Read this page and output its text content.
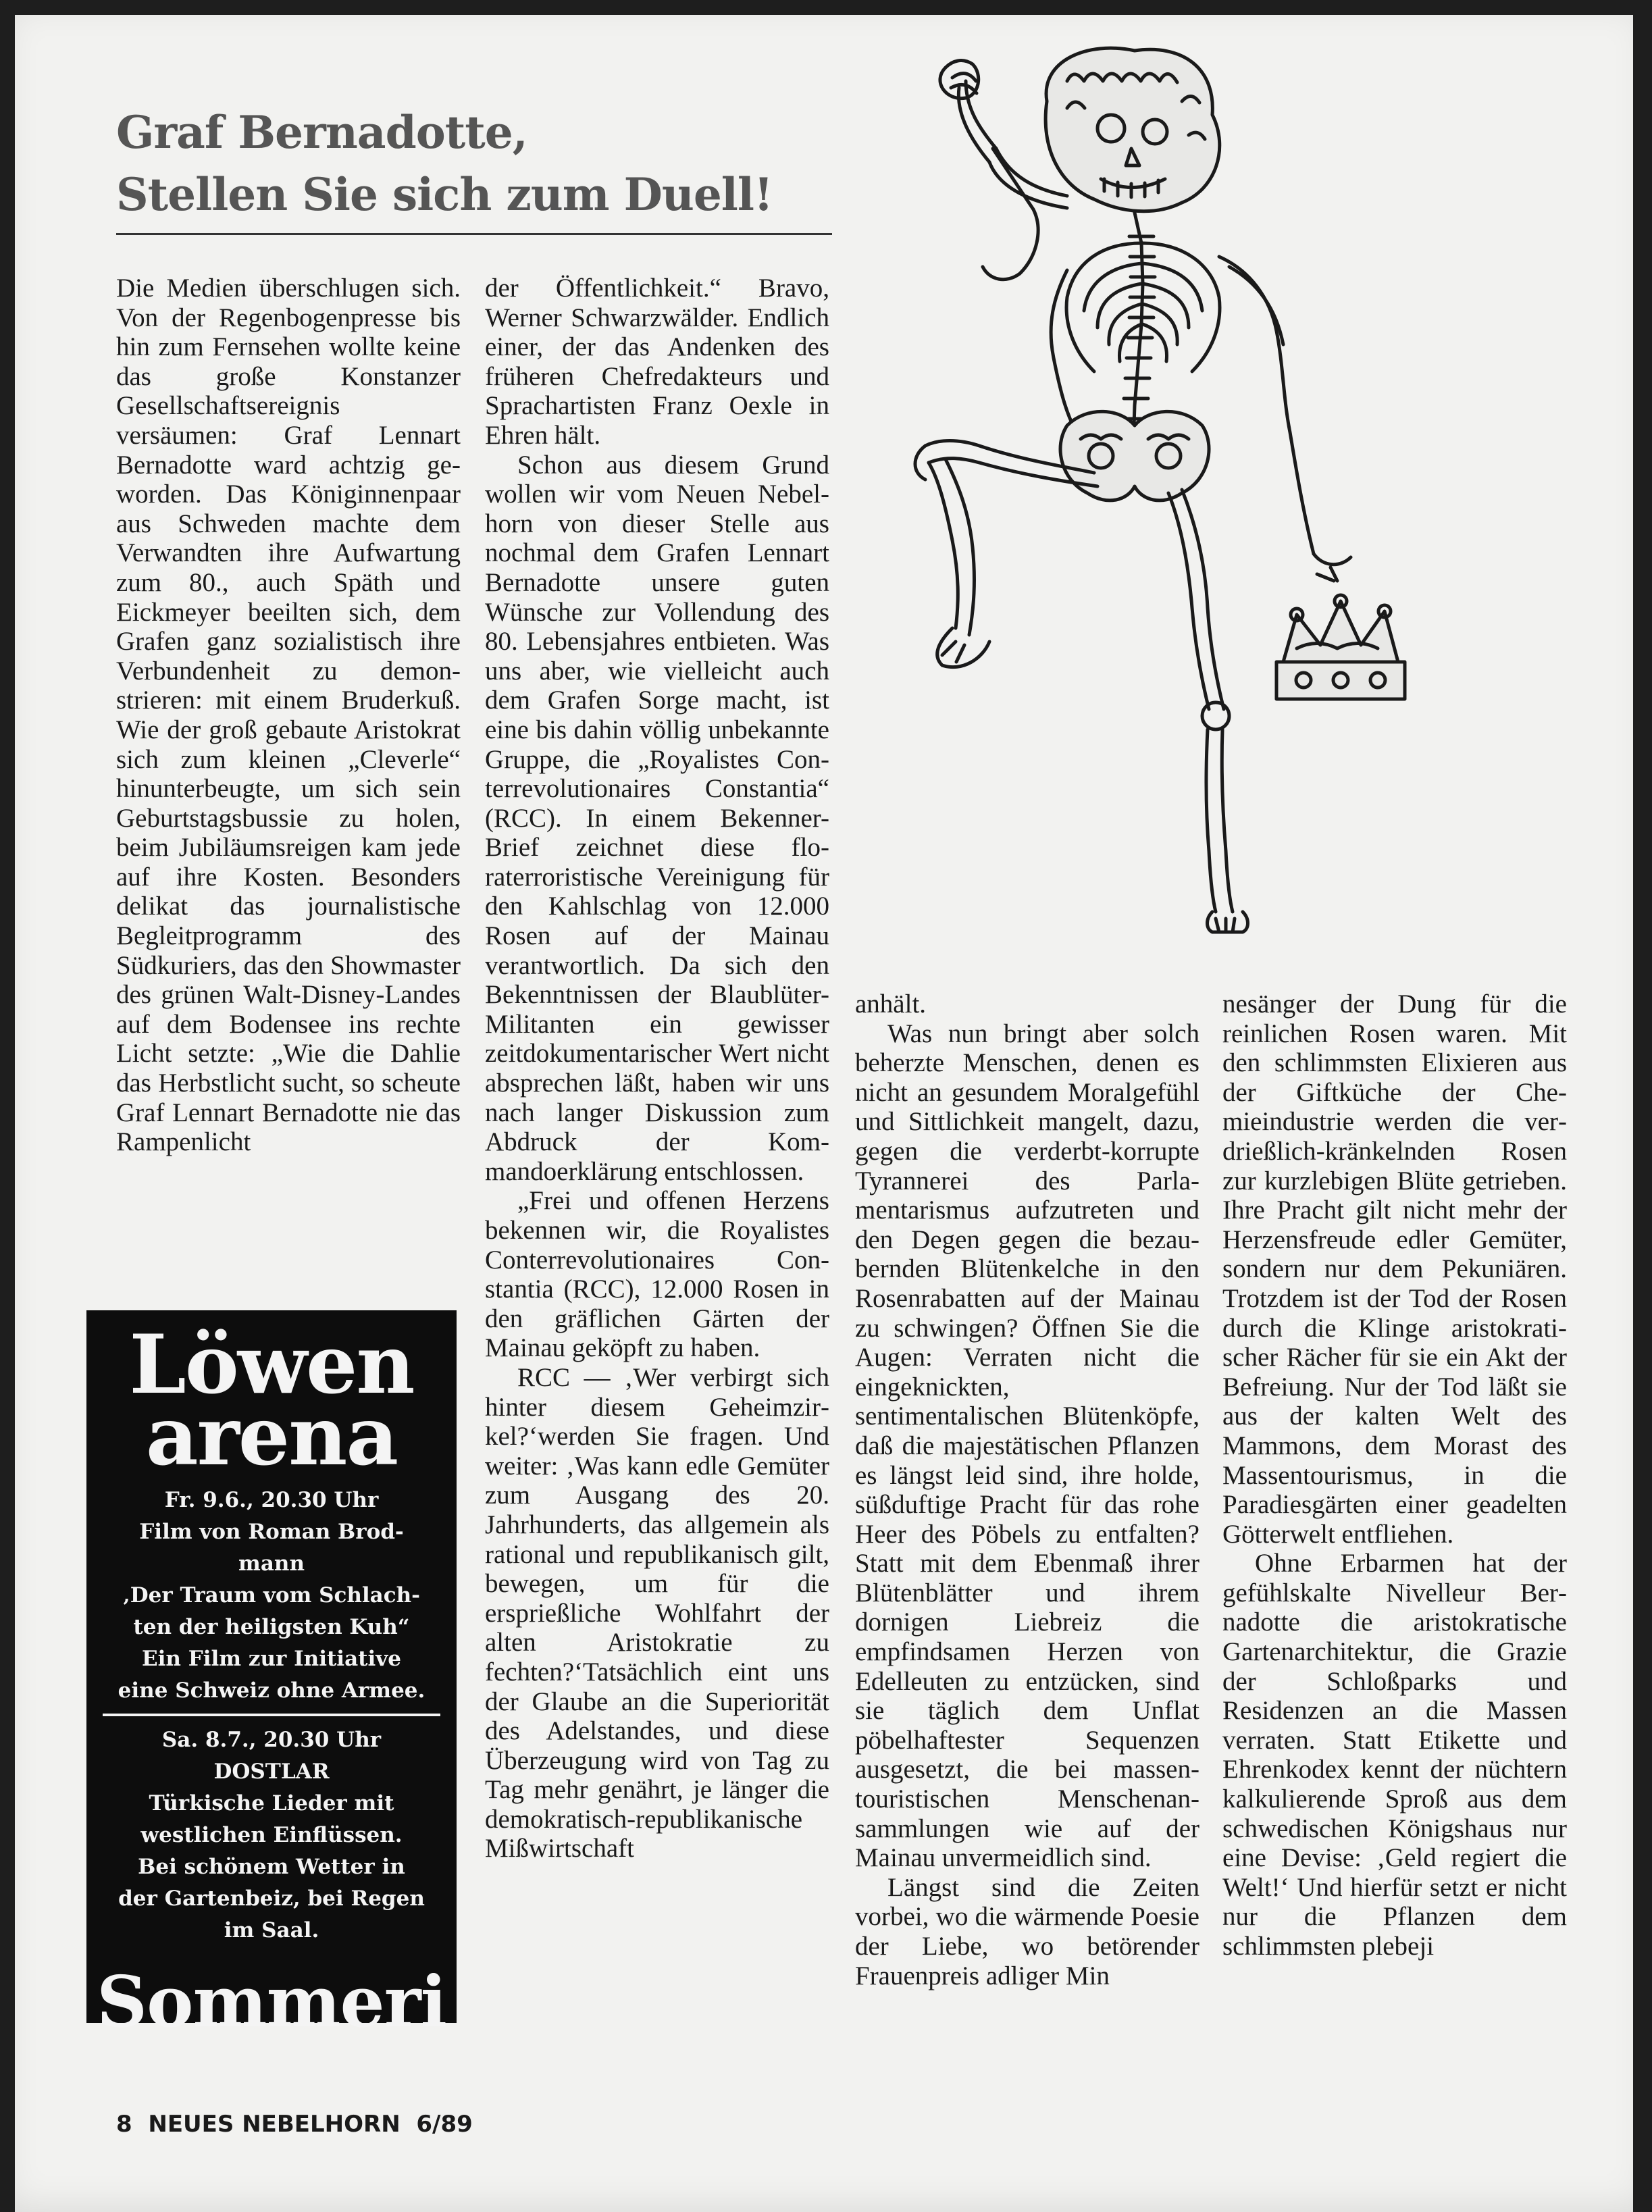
Graf Bernadotte,
Stellen Sie sich zum Duell!

Die Medien überschlugen sich. Von der Regenbogenpresse bis hin zum Fernsehen wollte keine das große Konstanzer Gesellschaftsereignis versäumen: Graf Lennart Bernadotte ward achtzig geworden. Das Königinnenpaar aus Schweden machte dem Verwandten ihre Aufwartung zum 80., auch Späth und Eickmeyer beeilten sich, dem Grafen ganz sozialistisch ihre Verbundenheit zu demonstrieren: mit einem Bruderkuß. Wie der groß gebaute Aristokrat sich zum kleinen „Cleverle“ hinunterbeugte, um sich sein Geburtstagsbussie zu holen, beim Jubiläumsreigen kam jede auf ihre Kosten. Besonders delikat das journalistische Begleitprogramm des Südkuriers, das den Showmaster des grünen Walt-Disney-Landes auf dem Bodensee ins rechte Licht setzte: „Wie die Dahlie das Herbstlicht sucht, so scheute Graf Lennart Bernadotte nie das Rampenlicht

der Öffentlichkeit.“ Bravo, Werner Schwarzwälder. Endlich einer, der das Andenken des früheren Chefredakteurs und Sprachartisten Franz Oexle in Ehren hält.

Schon aus diesem Grund wollen wir vom Neuen Nebelhorn von dieser Stelle aus nochmal dem Grafen Lennart Bernadotte unsere guten Wünsche zur Vollendung des 80. Lebensjahres entbieten. Was uns aber, wie vielleicht auch dem Grafen Sorge macht, ist eine bis dahin völlig unbekannte Gruppe, die „Royalistes Conterrevolutionaires Constantia“ (RCC). In einem Bekenner-Brief zeichnet diese floraterroristische Vereinigung für den Kahlschlag von 12.000 Rosen auf der Mainau verantwortlich. Da sich den Bekenntnissen der Blaublüter-Militanten ein gewisser zeitdokumentarischer Wert nicht absprechen läßt, haben wir uns nach langer Diskussion zum Abdruck der Kommandoerklärung entschlossen.

„Frei und offenen Herzens bekennen wir, die Royalistes Conterrevolutionaires Constantia (RCC), 12.000 Rosen in den gräflichen Gärten der Mainau geköpft zu haben.

RCC — ‚Wer verbirgt sich hinter diesem Geheimzirkel?‘werden Sie fragen. Und weiter: ‚Was kann edle Gemüter zum Ausgang des 20. Jahrhunderts, das allgemein als rational und republikanisch gilt, bewegen, um für die ersprießliche Wohlfahrt der alten Aristokratie zu fechten?‘Tatsächlich eint uns der Glaube an die Superiorität des Adelstandes, und diese Überzeugung wird von Tag zu Tag mehr genährt, je länger die demokratisch-republikanische Mißwirtschaft

anhält.

Was nun bringt aber solch beherzte Menschen, denen es nicht an gesundem Moralgefühl und Sittlichkeit mangelt, dazu, gegen die verderbt-korrupte Tyrannerei des Parlamentarismus aufzutreten und den Degen gegen die bezaubernden Blütenkelche in den Rosenrabatten auf der Mainau zu schwingen? Öffnen Sie die Augen: Verraten nicht die eingeknickten, sentimentalischen Blütenköpfe, daß die majestätischen Pflanzen es längst leid sind, ihre holde, süßduftige Pracht für das rohe Heer des Pöbels zu entfalten? Statt mit dem Ebenmaß ihrer Blütenblätter und ihrem dornigen Liebreiz die empfindsamen Herzen von Edelleuten zu entzücken, sind sie täglich dem Unflat pöbelhaftester Sequenzen ausgesetzt, die bei massentouristischen Menschenansammlungen wie auf der Mainau unvermeidlich sind.

Längst sind die Zeiten vorbei, wo die wärmende Poesie der Liebe, wo betörender Frauenpreis adliger Min

nesänger der Dung für die reinlichen Rosen waren. Mit den schlimmsten Elixieren aus der Giftküche der Chemieindustrie werden die verdrießlich-kränkelnden Rosen zur kurzlebigen Blüte getrieben. Ihre Pracht gilt nicht mehr der Herzensfreude edler Gemüter, sondern nur dem Pekuniären. Trotzdem ist der Tod der Rosen durch die Klinge aristokratischer Rächer für sie ein Akt der Befreiung. Nur der Tod läßt sie aus der kalten Welt des Mammons, dem Morast des Massentourismus, in die Paradiesgärten einer geadelten Götterwelt entfliehen.

Ohne Erbarmen hat der gefühlskalte Nivelleur Bernadotte die aristokratische Gartenarchitektur, die Grazie der Schloßparks und Residenzen an die Massen verraten. Statt Etikette und Ehrenkodex kennt der nüchtern kalkulierende Sproß aus dem schwedischen Königshaus nur eine Devise: ‚Geld regiert die Welt!‘ Und hierfür setzt er nicht nur die Pflanzen dem schlimmsten plebeji

Löwen
arena
Fr. 9.6., 20.30 Uhr
Film von Roman Brod-
mann
‚Der Traum vom Schlach-
ten der heiligsten Kuh“
Ein Film zur Initiative
eine Schweiz ohne Armee.
Sa. 8.7., 20.30 Uhr
DOSTLAR
Türkische Lieder mit
westlichen Einflüssen.
Bei schönem Wetter in
der Gartenbeiz, bei Regen
im Saal.
Sommeri
8 NEUES NEBELHORN 6/89
